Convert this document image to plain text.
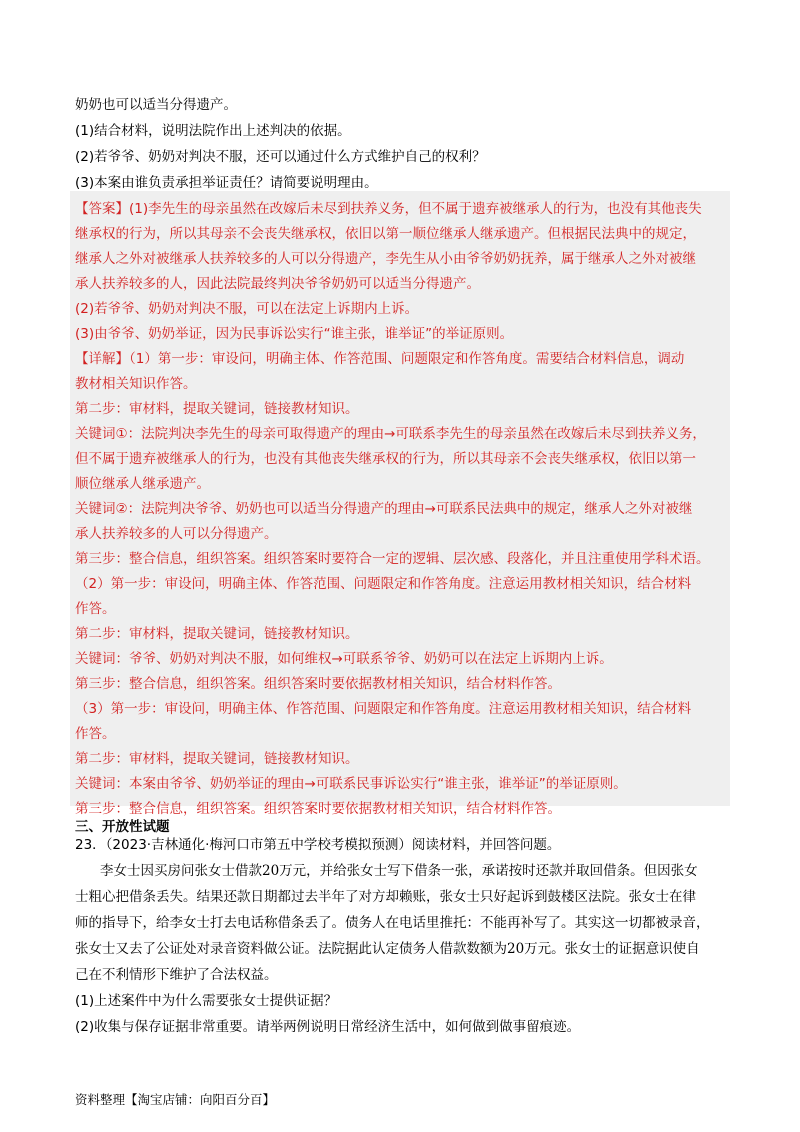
奶奶也可以适当分得遗产。
(1)结合材料，说明法院作出上述判决的依据。
(2)若爷爷、奶奶对判决不服，还可以通过什么方式维护自己的权利？
(3)本案由谁负责承担举证责任？请简要说明理由。
【答案】(1)李先生的母亲虽然在改嫁后未尽到扶养义务，但不属于遗弃被继承人的行为，也没有其他丧失
继承权的行为，所以其母亲不会丧失继承权，依旧以第一顺位继承人继承遗产。但根据民法典中的规定，
继承人之外对被继承人扶养较多的人可以分得遗产，李先生从小由爷爷奶奶抚养，属于继承人之外对被继
承人扶养较多的人，因此法院最终判决爷爷奶奶可以适当分得遗产。
(2)若爷爷、奶奶对判决不服，可以在法定上诉期内上诉。
(3)由爷爷、奶奶举证，因为民事诉讼实行“谁主张，谁举证”的举证原则。
【详解】（1）第一步：审设问，明确主体、作答范围、问题限定和作答角度。需要结合材料信息，调动
教材相关知识作答。
第二步：审材料，提取关键词，链接教材知识。
关键词①：法院判决李先生的母亲可取得遗产的理由→可联系李先生的母亲虽然在改嫁后未尽到扶养义务，
但不属于遗弃被继承人的行为，也没有其他丧失继承权的行为，所以其母亲不会丧失继承权，依旧以第一
顺位继承人继承遗产。
关键词②：法院判决爷爷、奶奶也可以适当分得遗产的理由→可联系民法典中的规定，继承人之外对被继
承人扶养较多的人可以分得遗产。
第三步：整合信息，组织答案。组织答案时要符合一定的逻辑、层次感、段落化，并且注重使用学科术语。
（2）第一步：审设问，明确主体、作答范围、问题限定和作答角度。注意运用教材相关知识，结合材料
作答。
第二步：审材料，提取关键词，链接教材知识。
关键词：爷爷、奶奶对判决不服，如何维权→可联系爷爷、奶奶可以在法定上诉期内上诉。
第三步：整合信息，组织答案。组织答案时要依据教材相关知识，结合材料作答。
（3）第一步：审设问，明确主体、作答范围、问题限定和作答角度。注意运用教材相关知识，结合材料
作答。
第二步：审材料，提取关键词，链接教材知识。
关键词：本案由爷爷、奶奶举证的理由→可联系民事诉讼实行“谁主张，谁举证”的举证原则。
第三步：整合信息，组织答案。组织答案时要依据教材相关知识，结合材料作答。
三、开放性试题
23．（2023·吉林通化·梅河口市第五中学校考模拟预测）阅读材料，并回答问题。
李女士因买房问张女士借款20万元，并给张女士写下借条一张，承诺按时还款并取回借条。但因张女
士粗心把借条丢失。结果还款日期都过去半年了对方却赖账，张女士只好起诉到鼓楼区法院。张女士在律
师的指导下，给李女士打去电话称借条丢了。债务人在电话里推托：不能再补写了。其实这一切都被录音，
张女士又去了公证处对录音资料做公证。法院据此认定债务人借款数额为20万元。张女士的证据意识使自
己在不利情形下维护了合法权益。
(1)上述案件中为什么需要张女士提供证据？
(2)收集与保存证据非常重要。请举两例说明日常经济生活中，如何做到做事留痕迹。
资料整理【淘宝店铺：向阳百分百】
